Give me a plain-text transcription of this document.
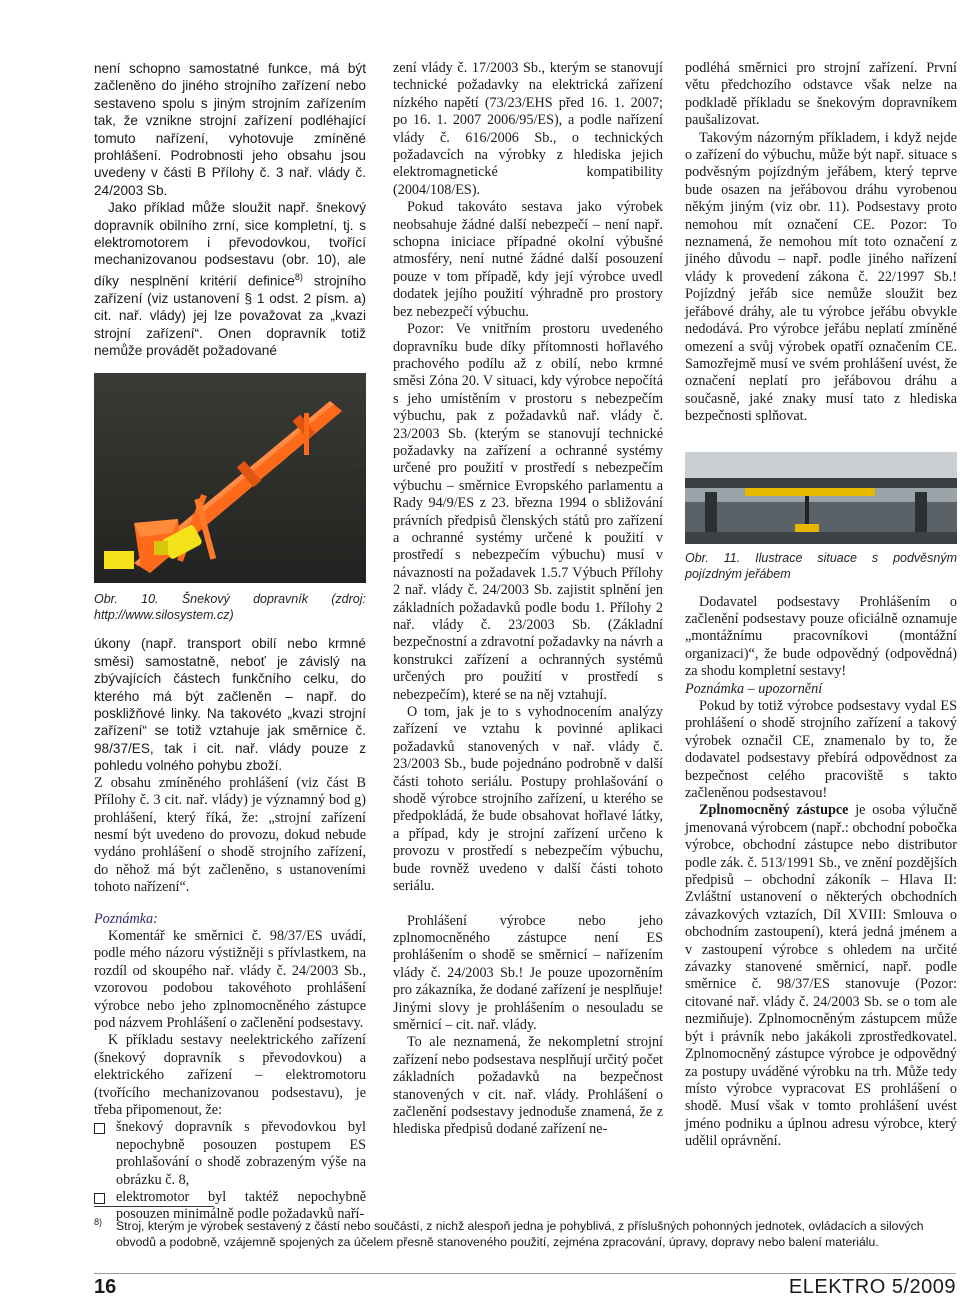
není schopno samostatné funkce, má být začleněno do jiného strojního zařízení nebo sestaveno spolu s jiným strojním zařízením tak, že vznikne strojní zařízení podléhající tomuto nařízení, vyhotovuje zmíněné prohlášení. Podrobnosti jeho obsahu jsou uvedeny v části B Přílohy č. 3 nař. vlády č. 24/2003 Sb.

Jako příklad může sloužit např. šnekový dopravník obilního zrní, sice kompletní, tj. s elektromotorem i převodovkou, tvořící mechanizovanou podsestavu (obr. 10), ale díky nesplnění kritérií definice$^{8)}$ strojního zařízení (viz ustanovení § 1 odst. 2 písm. a) cit. nař. vlády) jej lze považovat za „kvazi strojní zařízení“. Onen dopravník totiž nemůže provádět požadované

Obr. 10. Šnekový dopravník (zdroj: http://www.silosystem.cz)

úkony (např. transport obilí nebo krmné směsi) samostatně, neboť je závislý na zbývajících částech funkčního celku, do kterého má být začleněn – např. do poskližňové linky. Na takovéto „kvazi strojní zařízení“ se totiž vztahuje jak směrnice č. 98/37/ES, tak i cit. nař. vlády pouze z pohledu volného pohybu zboží.

Z obsahu zmíněného prohlášení (viz část B Přílohy č. 3 cit. nař. vlády) je významný bod g) prohlášení, který říká, že: „strojní zařízení nesmí být uvedeno do provozu, dokud nebude vydáno prohlášení o shodě strojního zařízení, do něhož má být začleněno, s ustanoveními tohoto nařízení“.

Poznámka:

Komentář ke směrnici č. 98/37/ES uvádí, podle mého názoru výstižněji s přívlastkem, na rozdíl od skoupého nař. vlády č. 24/2003 Sb., vzorovou podobou takovéhoto prohlášení výrobce nebo jeho zplnomocněného zástupce pod názvem Prohlášení o začlenění podsestavy.

K příkladu sestavy neelektrického zařízení (šnekový dopravník s převodovkou) a elektrického zařízení – elektromotoru (tvořícího mechanizovanou podsestavu), je třeba připomenout, že:

šnekový dopravník s převodovkou byl nepochybně posouzen postupem ES prohlašování o shodě zobrazeným výše na obrázku č. 8,
elektromotor byl taktéž nepochybně posouzen minimálně podle požadavků naří-

zení vlády č. 17/2003 Sb., kterým se stanovují technické požadavky na elektrická zařízení nízkého napětí (73/23/EHS před 16. 1. 2007; po 16. 1. 2007 2006/95/ES), a podle nařízení vlády č. 616/2006 Sb., o technických požadavcích na výrobky z hlediska jejich elektromagnetické kompatibility (2004/108/ES).

Pokud takováto sestava jako výrobek neobsahuje žádné další nebezpečí – není např. schopna iniciace případné okolní výbušné atmosféry, není nutné žádné další posouzení pouze v tom případě, kdy její výrobce uvedl dodatek jejího použití výhradně pro prostory bez nebezpečí výbuchu.

Pozor: Ve vnitřním prostoru uvedeného dopravníku bude díky přítomnosti hořlavého prachového podílu až z obilí, nebo krmné směsi Zóna 20. V situaci, kdy výrobce nepočítá s jeho umístěním v prostoru s nebezpečím výbuchu, pak z požadavků nař. vlády č. 23/2003 Sb. (kterým se stanovují technické požadavky na zařízení a ochranné systémy určené pro použití v prostředí s nebezpečím výbuchu – směrnice Evropského parlamentu a Rady 94/9/ES z 23. března 1994 o sbližování právních předpisů členských států pro zařízení a ochranné systémy určené k použití v prostředí s nebezpečím výbuchu) musí v návaznosti na požadavek 1.5.7 Výbuch Přílohy 2 nař. vlády č. 24/2003 Sb. zajistit splnění jen základních požadavků podle bodu 1. Přílohy 2 nař. vlády č. 23/2003 Sb. (Základní bezpečnostní a zdravotní požadavky na návrh a konstrukci zařízení a ochranných systémů určených pro použití v prostředí s nebezpečím), které se na něj vztahují.

O tom, jak je to s vyhodnocením analýzy zařízení ve vztahu k povinné aplikaci požadavků stanovených v nař. vlády č. 23/2003 Sb., bude pojednáno podrobně v další části tohoto seriálu. Postupy prohlašování o shodě výrobce strojního zařízení, u kterého se předpokládá, že bude obsahovat hořlavé látky, a případ, kdy je strojní zařízení určeno k provozu v prostředí s nebezpečím výbuchu, bude rovněž uvedeno v další části tohoto seriálu.

Prohlášení výrobce nebo jeho zplnomocněného zástupce není ES prohlášením o shodě se směrnicí – nařízením vlády č. 24/2003 Sb.! Je pouze upozorněním pro zákazníka, že dodané zařízení je nesplňuje! Jinými slovy je prohlášením o nesouladu se směrnicí – cit. nař. vlády.

To ale neznamená, že nekompletní strojní zařízení nebo podsestava nesplňují určitý počet základních požadavků na bezpečnost stanovených v cit. nař. vlády. Prohlášení o začlenění podsestavy jednoduše znamená, že z hlediska předpisů dodané zařízení ne-

podléhá směrnici pro strojní zařízení. První větu předchozího odstavce však nelze na podkladě příkladu se šnekovým dopravníkem paušalizovat.

Takovým názorným příkladem, i když nejde o zařízení do výbuchu, může být např. situace s podvěsným pojízdným jeřábem, který teprve bude osazen na jeřábovou dráhu vyrobenou někým jiným (viz obr. 11). Podsestavy proto nemohou mít označení CE. Pozor: To neznamená, že nemohou mít toto označení z jiného důvodu – např. podle jiného nařízení vlády k provedení zákona č. 22/1997 Sb.! Pojízdný jeřáb sice nemůže sloužit bez jeřábové dráhy, ale tu výrobce jeřábu obvykle nedodává. Pro výrobce jeřábu neplatí zmíněné omezení a svůj výrobek opatří označením CE. Samozřejmě musí ve svém prohlášení uvést, že označení neplatí pro jeřábovou dráhu a současně, jaké znaky musí tato z hlediska bezpečnosti splňovat.

Obr. 11. Ilustrace situace s podvěsným pojízdným jeřábem

Dodavatel podsestavy Prohlášením o začlenění podsestavy pouze oficiálně oznamuje „montážnímu pracovníkovi (montážní organizaci)“, že bude odpovědný (odpovědná) za shodu kompletní sestavy!

Poznámka – upozornění

Pokud by totiž výrobce podsestavy vydal ES prohlášení o shodě strojního zařízení a takový výrobek označil CE, znamenalo by to, že dodavatel podsestavy přebírá odpovědnost za bezpečnost celého pracoviště s takto začleněnou podsestavou!

Zplnomocněný zástupce je osoba výlučně jmenovaná výrobcem (např.: obchodní pobočka výrobce, obchodní zástupce nebo distributor podle zák. č. 513/1991 Sb., ve znění pozdějších předpisů – obchodní zákoník – Hlava II: Zvláštní ustanovení o některých obchodních závazkových vztazích, Díl XVIII: Smlouva o obchodním zastoupení), která jedná jménem a v zastoupení výrobce s ohledem na určité závazky stanovené směrnicí, např. podle směrnice č. 98/37/ES stanovuje (Pozor: citované nař. vlády č. 24/2003 Sb. se o tom ale nezmiňuje). Zplnomocněným zástupcem může být i právník nebo jakákoli zprostředkovatel. Zplnomocněný zástupce výrobce je odpovědný za postupy uváděné výrobku na trh. Může tedy místo výrobce vypracovat ES prohlášení o shodě. Musí však v tomto prohlášení uvést jméno podniku a úplnou adresu výrobce, který udělil oprávnění.

8)	Stroj, kterým je výrobek sestavený z částí nebo součástí, z nichž alespoň jedna je pohyblivá, z příslušných pohonných jednotek, ovládacích a silových obvodů a podobně, vzájemně spojených za účelem přesně stanoveného použití, zejména zpracování, úpravy, dopravy nebo balení materiálu.
16	ELEKTRO 5/2009
